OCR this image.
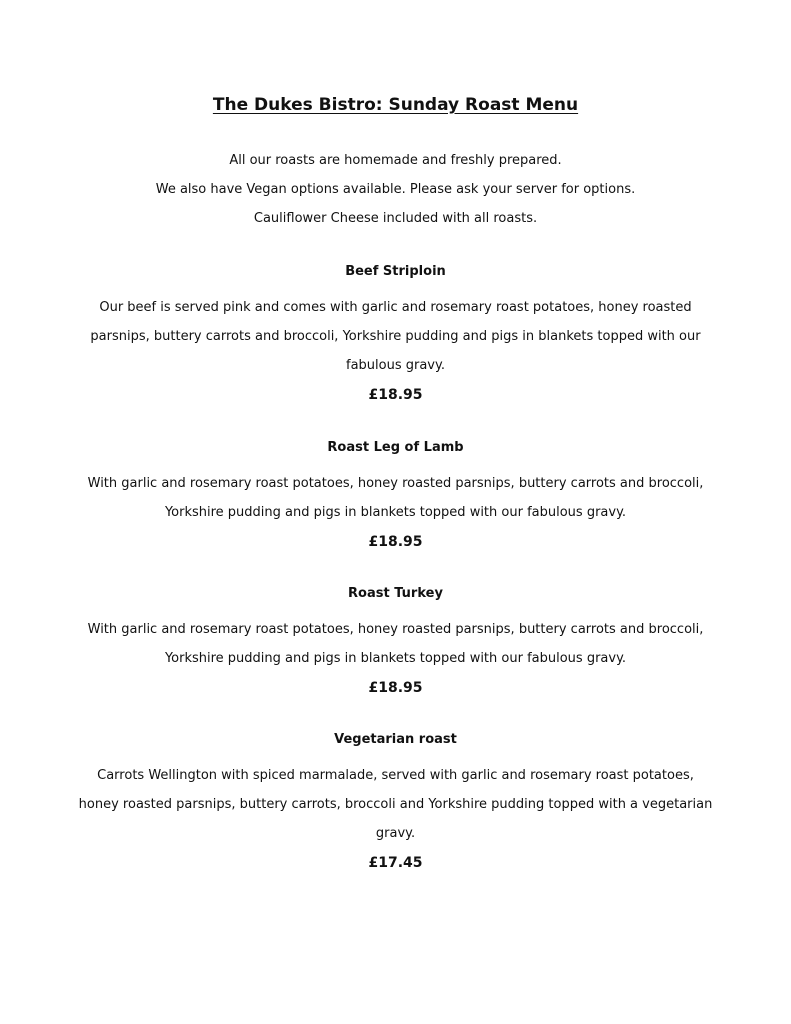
The Dukes Bistro: Sunday Roast Menu
All our roasts are homemade and freshly prepared.
We also have Vegan options available. Please ask your server for options.
Cauliflower Cheese included with all roasts.
Beef Striploin
Our beef is served pink and comes with garlic and rosemary roast potatoes, honey roasted parsnips, buttery carrots and broccoli, Yorkshire pudding and pigs in blankets topped with our fabulous gravy.
£18.95
Roast Leg of Lamb
With garlic and rosemary roast potatoes, honey roasted parsnips, buttery carrots and broccoli, Yorkshire pudding and pigs in blankets topped with our fabulous gravy.
£18.95
Roast Turkey
With garlic and rosemary roast potatoes, honey roasted parsnips, buttery carrots and broccoli, Yorkshire pudding and pigs in blankets topped with our fabulous gravy.
£18.95
Vegetarian roast
Carrots Wellington with spiced marmalade, served with garlic and rosemary roast potatoes, honey roasted parsnips, buttery carrots, broccoli and Yorkshire pudding topped with a vegetarian gravy.
£17.45
